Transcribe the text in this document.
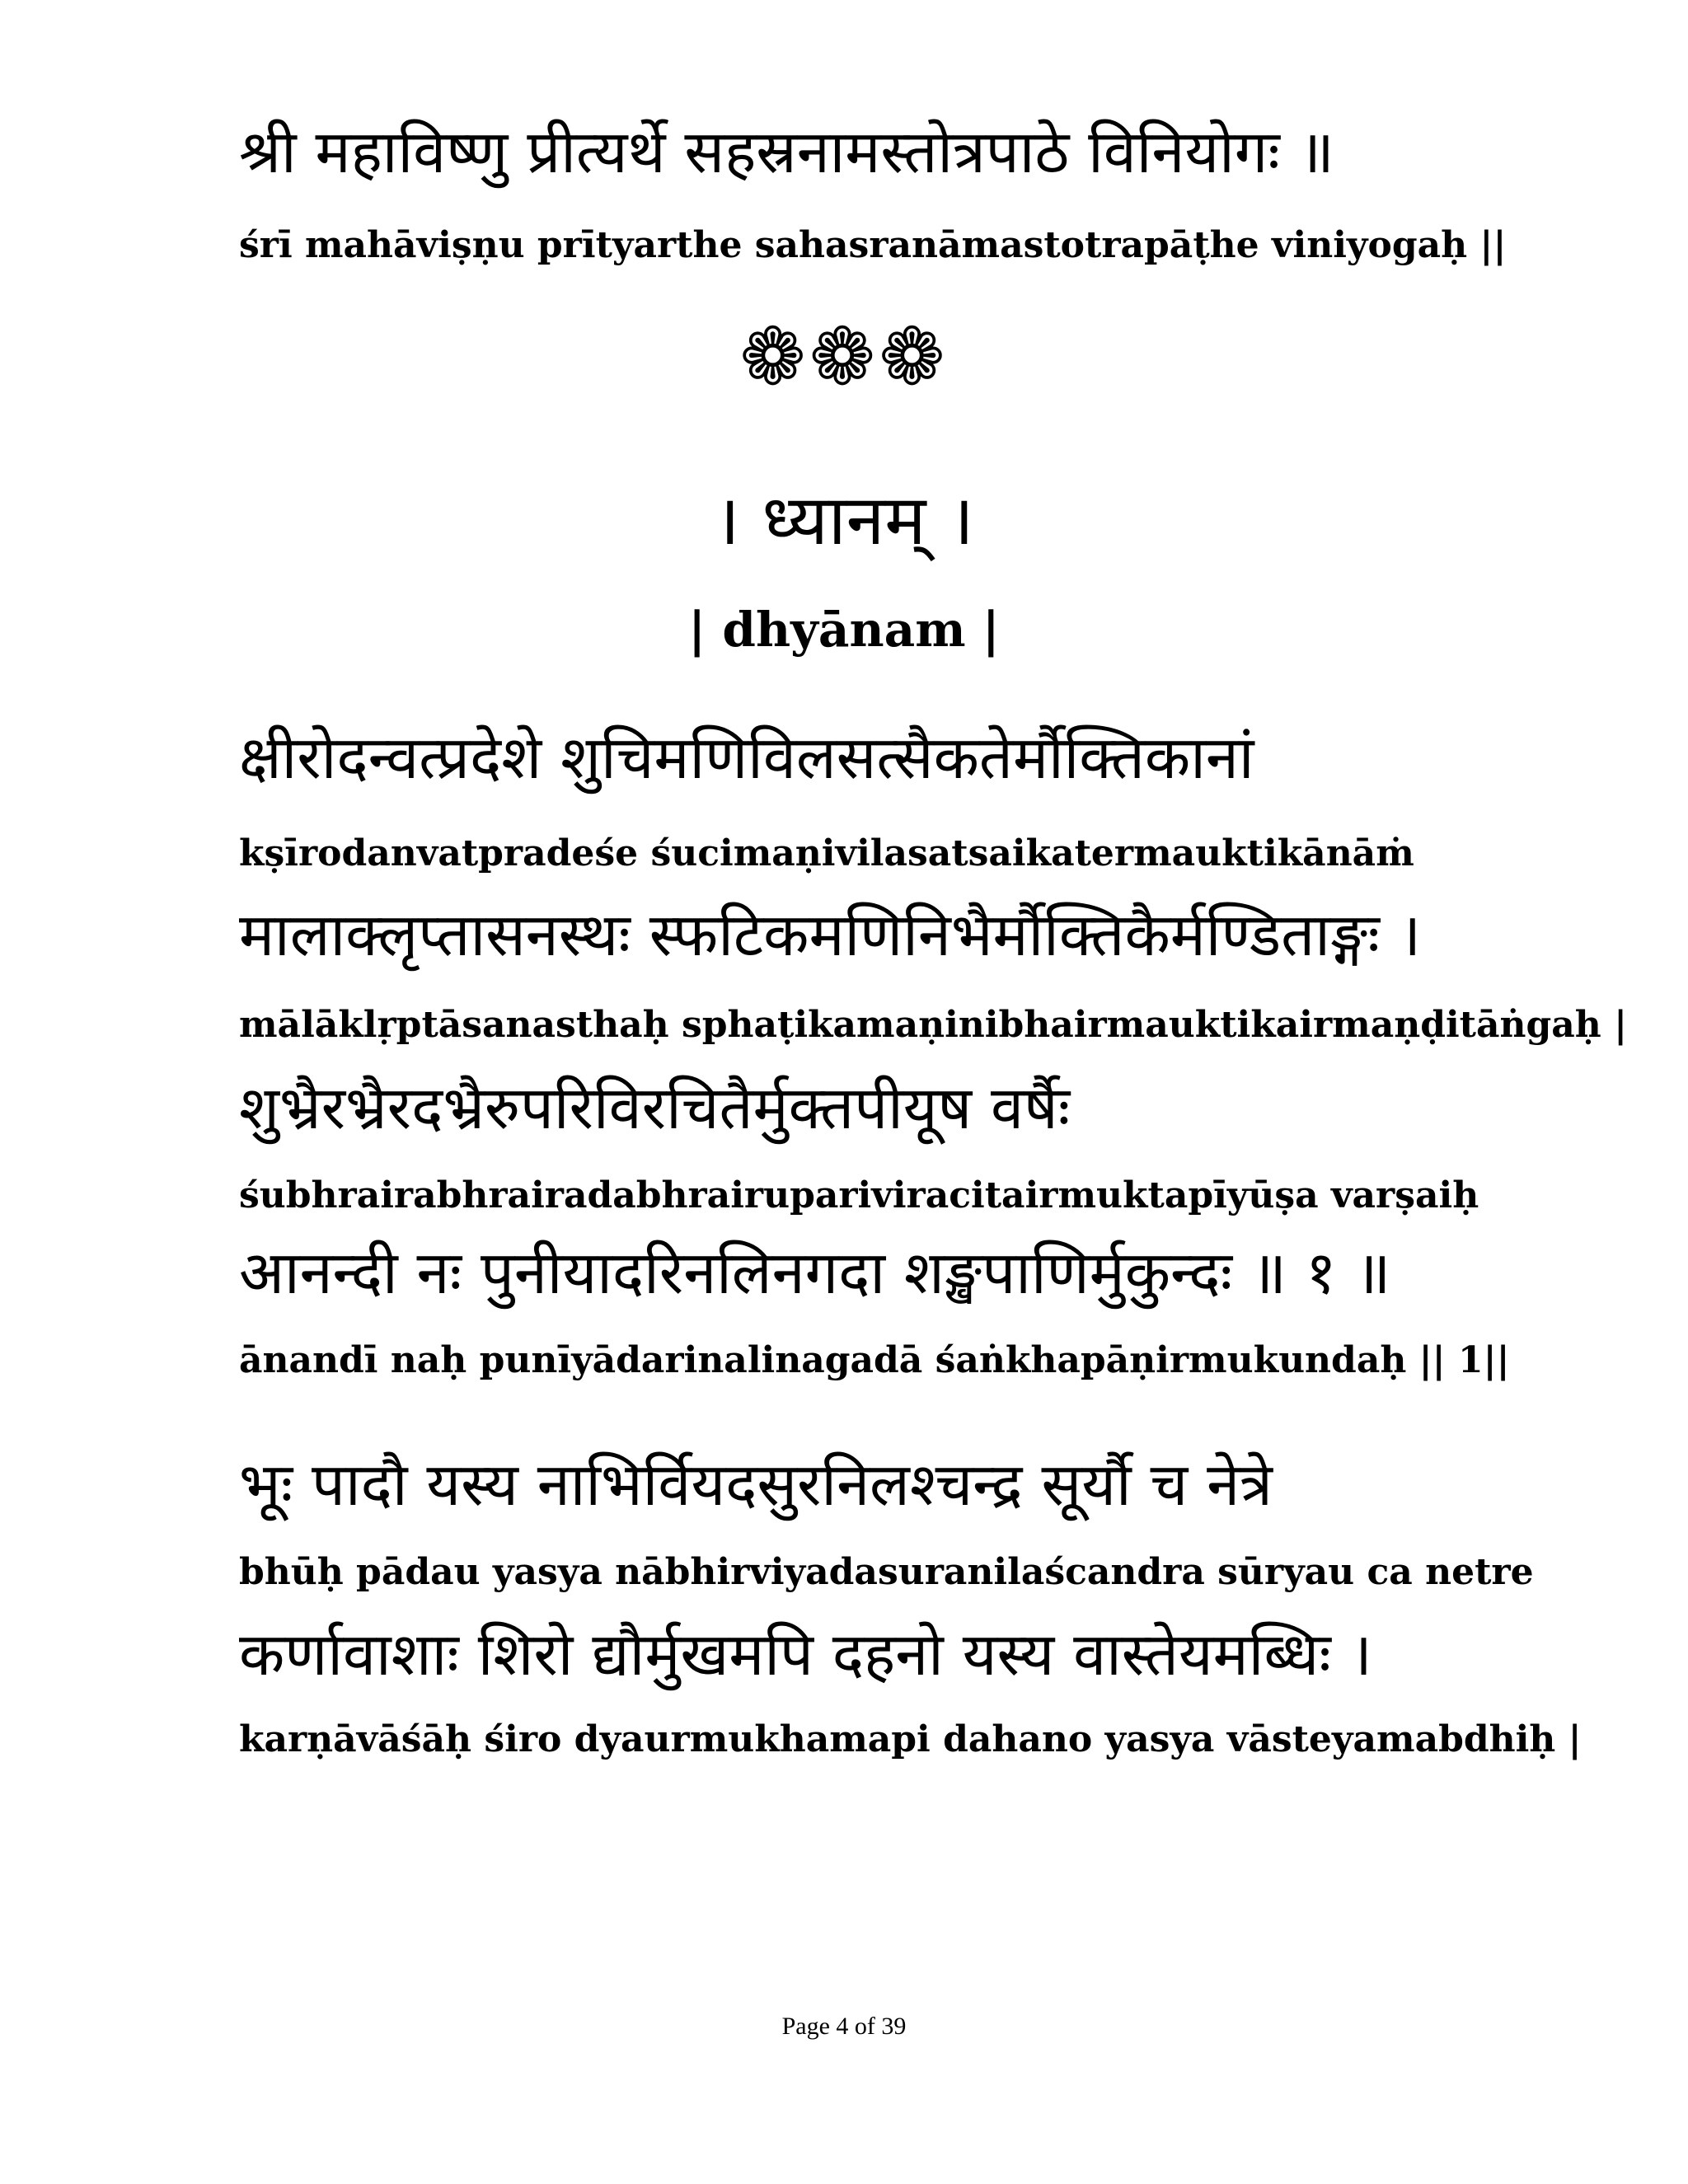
श्री महाविष्णु प्रीत्यर्थे सहस्रनामस्तोत्रपाठे विनियोगः ॥
śrī mahāviṣṇu prītyarthe sahasranāmastotrapāṭhe viniyogaḥ ||
❁❁❁
। ध्यानम् ।
| dhyānam |
क्षीरोदन्वत्प्रदेशे शुचिमणिविलसत्सैकतेर्मौक्तिकानां
kṣīrodanvatpradeśe śucimaṇivilasatsaikatermauktikānāṁ
मालाक्लृप्तासनस्थः स्फटिकमणिनिभैर्मौक्तिकैर्मण्डिताङ्गः ।
mālāklṛptāsanasthaḥ sphaṭikamaṇinibhairmauktikairmaṇḍitāṅgaḥ |
शुभ्रैरभ्रैरदभ्रैरुपरिविरचितैर्मुक्तपीयूष वर्षैः
śubhrairabhrairadabhrairupariviracitairmuktapīyūṣa varṣaiḥ
आनन्दी नः पुनीयादरिनलिनगदा शङ्खपाणिर्मुकुन्दः ॥ १ ॥
ānandī naḥ punīyādarinalinagadā śaṅkhapāṇirmukundaḥ || 1||
भूः पादौ यस्य नाभिर्वियदसुरनिलश्चन्द्र सूर्यौ च नेत्रे
bhūḥ pādau yasya nābhirviyadasuranilaścandra sūryau ca netre
कर्णावाशाः शिरो द्यौर्मुखमपि दहनो यस्य वास्तेयमब्धिः ।
karṇāvāśāḥ śiro dyaurmukhamapi dahano yasya vāsteyamabdhiḥ |
Page 4 of 39
